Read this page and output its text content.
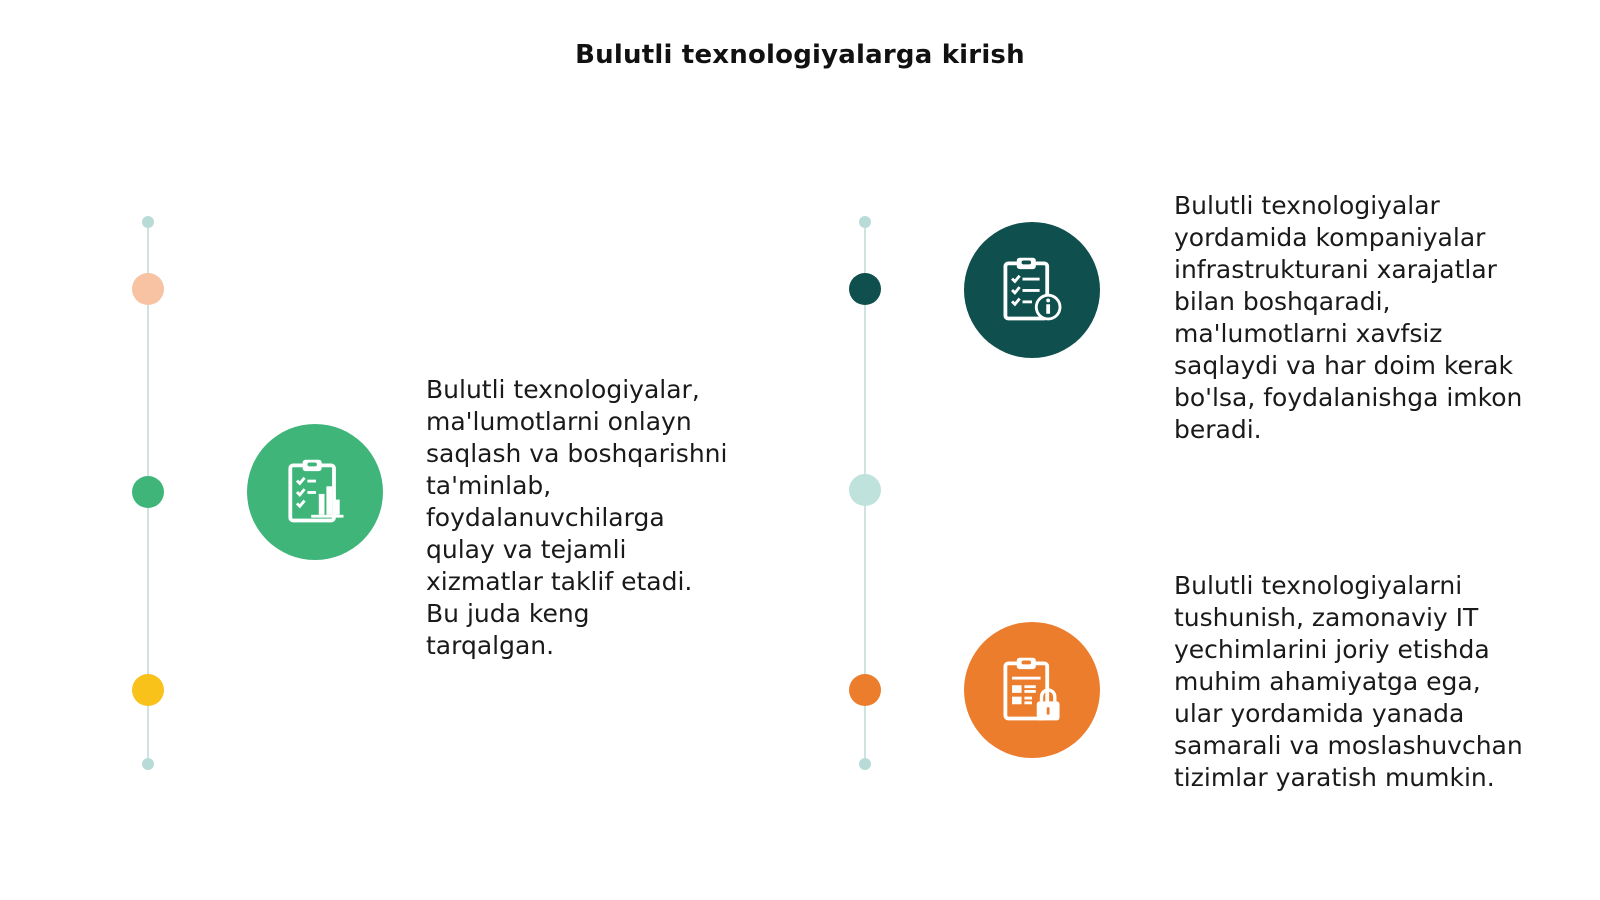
Bulutli texnologiyalarga kirish
Bulutli texnologiyalar,
ma'lumotlarni onlayn
saqlash va boshqarishni
ta'minlab,
foydalanuvchilarga
qulay va tejamli
xizmatlar taklif etadi.
Bu juda keng
tarqalgan.
Bulutli texnologiyalar
yordamida kompaniyalar
infrastrukturani xarajatlar
bilan boshqaradi,
ma'lumotlarni xavfsiz
saqlaydi va har doim kerak
bo'lsa, foydalanishga imkon
beradi.
Bulutli texnologiyalarni
tushunish, zamonaviy IT
yechimlarini joriy etishda
muhim ahamiyatga ega,
ular yordamida yanada
samarali va moslashuvchan
tizimlar yaratish mumkin.
